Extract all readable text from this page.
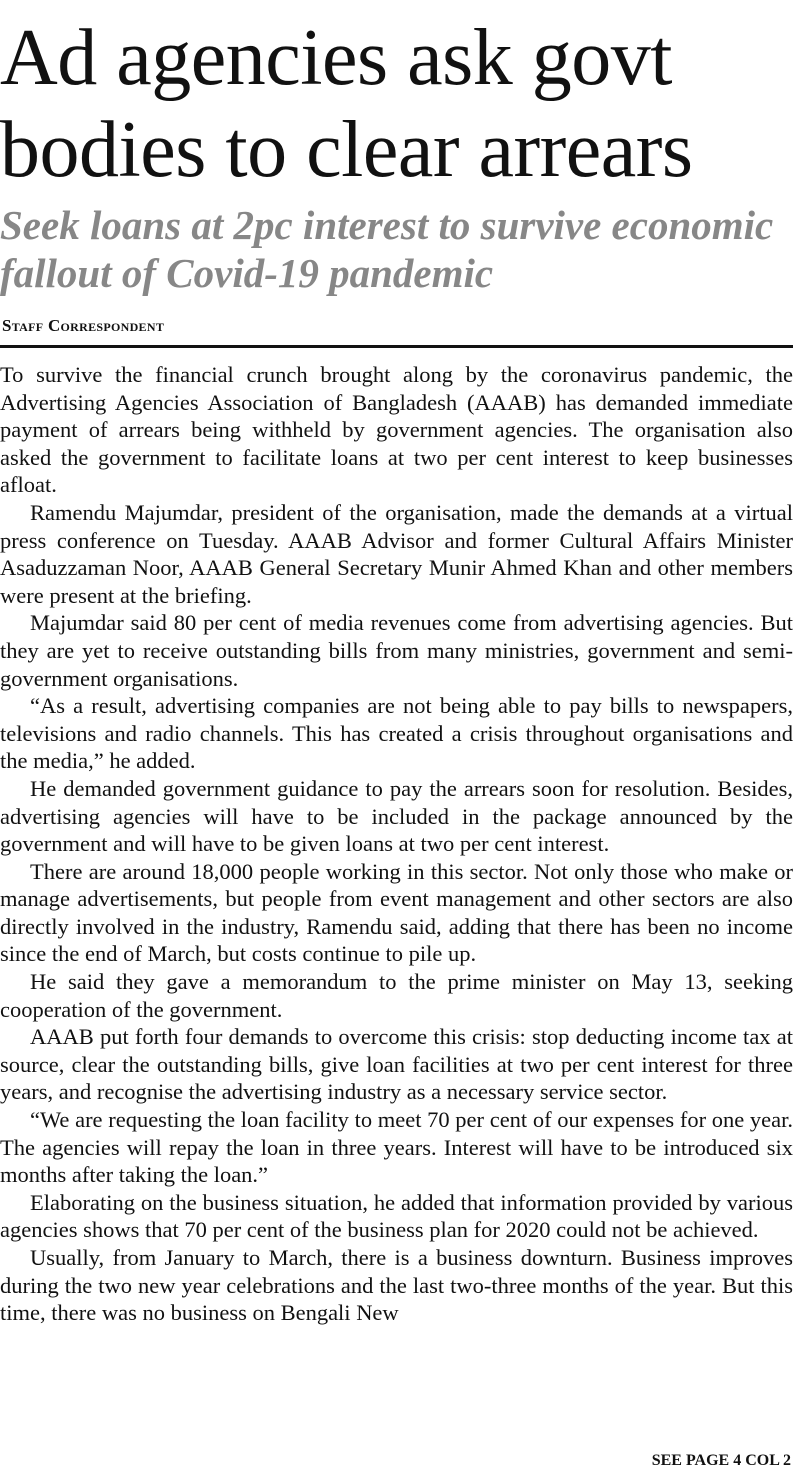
Ad agencies ask govt bodies to clear arrears
Seek loans at 2pc interest to survive economic fallout of Covid-19 pandemic
Staff Correspondent

To survive the financial crunch brought along by the coronavirus pandemic, the Advertising Agencies Association of Bangladesh (AAAB) has demanded immediate payment of arrears being withheld by government agencies. The organisation also asked the government to facilitate loans at two per cent interest to keep businesses afloat.

Ramendu Majumdar, president of the organisation, made the demands at a virtual press conference on Tuesday. AAAB Advisor and former Cultural Affairs Minister Asaduzzaman Noor, AAAB General Secretary Munir Ahmed Khan and other members were present at the briefing.

Majumdar said 80 per cent of media revenues come from advertising agencies. But they are yet to receive outstanding bills from many ministries, government and semi-government organisations.

“As a result, advertising companies are not being able to pay bills to newspapers, televisions and radio channels. This has created a crisis throughout organisations and the media,” he added.

He demanded government guidance to pay the arrears soon for resolution. Besides, advertising agencies will have to be included in the package announced by the government and will have to be given loans at two per cent interest.

There are around 18,000 people working in this sector. Not only those who make or manage advertisements, but people from event management and other sectors are also directly involved in the industry, Ramendu said, adding that there has been no income since the end of March, but costs continue to pile up.

He said they gave a memorandum to the prime minister on May 13, seeking cooperation of the government.

AAAB put forth four demands to overcome this crisis: stop deducting income tax at source, clear the outstanding bills, give loan facilities at two per cent interest for three years, and recognise the advertising industry as a necessary service sector.

“We are requesting the loan facility to meet 70 per cent of our expenses for one year. The agencies will repay the loan in three years. Interest will have to be introduced six months after taking the loan.”

Elaborating on the business situation, he added that information provided by various agencies shows that 70 per cent of the business plan for 2020 could not be achieved.

Usually, from January to March, there is a business downturn. Business improves during the two new year celebrations and the last two-three months of the year. But this time, there was no business on Bengali New

SEE PAGE 4 COL 2
